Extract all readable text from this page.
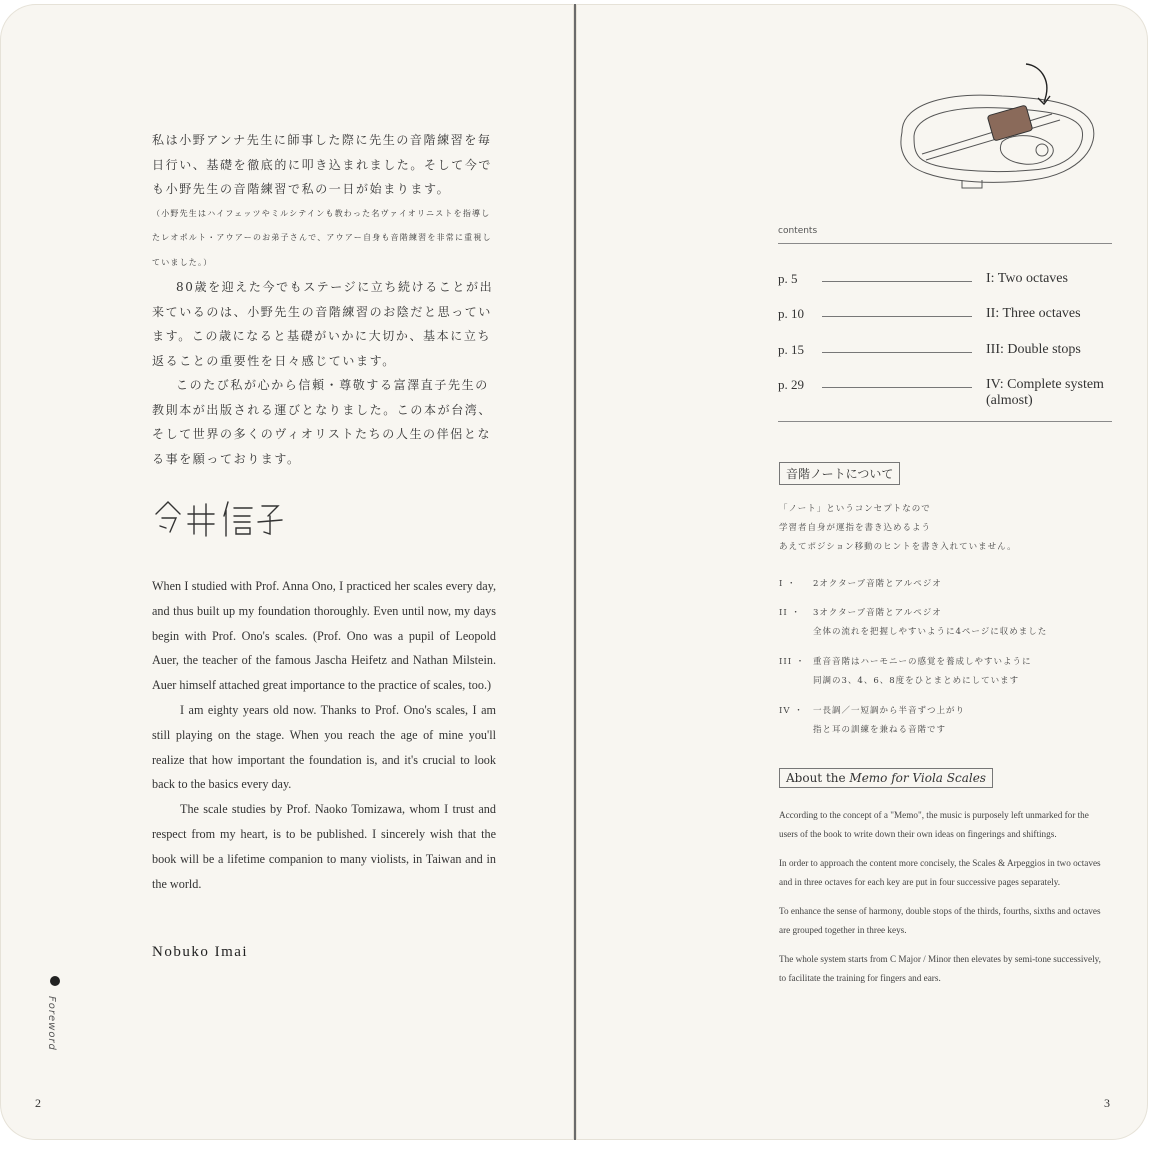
私は小野アンナ先生に師事した際に先生の音階練習を毎日行い、基礎を徹底的に叩き込まれました。そして今でも小野先生の音階練習で私の一日が始まります。

（小野先生はハイフェッツやミルシテインも教わった名ヴァイオリニストを指導したレオポルト・アウアーのお弟子さんで、アウアー自身も音階練習を非常に重視していました。）

80歳を迎えた今でもステージに立ち続けることが出来ているのは、小野先生の音階練習のお陰だと思っています。この歳になると基礎がいかに大切か、基本に立ち返ることの重要性を日々感じています。

このたび私が心から信頼・尊敬する富澤直子先生の教則本が出版される運びとなりました。この本が台湾、そして世界の多くのヴィオリストたちの人生の伴侶となる事を願っております。

When I studied with Prof. Anna Ono, I practiced her scales every day, and thus built up my foundation thoroughly. Even until now, my days begin with Prof. Ono's scales. (Prof. Ono was a pupil of Leopold Auer, the teacher of the famous Jascha Heifetz and Nathan Milstein. Auer himself attached great importance to the practice of scales, too.)

I am eighty years old now. Thanks to Prof. Ono's scales, I am still playing on the stage. When you reach the age of mine you'll realize that how important the foundation is, and it's crucial to look back to the basics every day.

The scale studies by Prof. Naoko Tomizawa, whom I trust and respect from my heart, is to be published. I sincerely wish that the book will be a lifetime companion to many violists, in Taiwan and in the world.

Nobuko Imai
Foreword
2
contents
p. 5	I: Two octaves
p. 10	II: Three octaves
p. 15	III: Double stops
p. 29	IV: Complete system (almost)
音階ノートについて

「ノート」というコンセプトなので

学習者自身が運指を書き込めるよう

あえてポジション移動のヒントを書き入れていません。

I ・	2オクターブ音階とアルペジオ
II ・	3オクターブ音階とアルペジオ
全体の流れを把握しやすいように4ページに収めました
III ・ 重音音階はハーモニーの感覚を養成しやすいように
同調の3、4、6、8度をひとまとめにしています
IV ・	一長調／一短調から半音ずつ上がり
指と耳の訓練を兼ねる音階です
About the Memo for Viola Scales

According to the concept of a "Memo", the music is purposely left unmarked for the users of the book to write down their own ideas on fingerings and shiftings.

In order to approach the content more concisely, the Scales & Arpeggios in two octaves and in three octaves for each key are put in four successive pages separately.

To enhance the sense of harmony, double stops of the thirds, fourths, sixths and octaves are grouped together in three keys.

The whole system starts from C Major / Minor then elevates by semi-tone successively, to facilitate the training for fingers and ears.

3
